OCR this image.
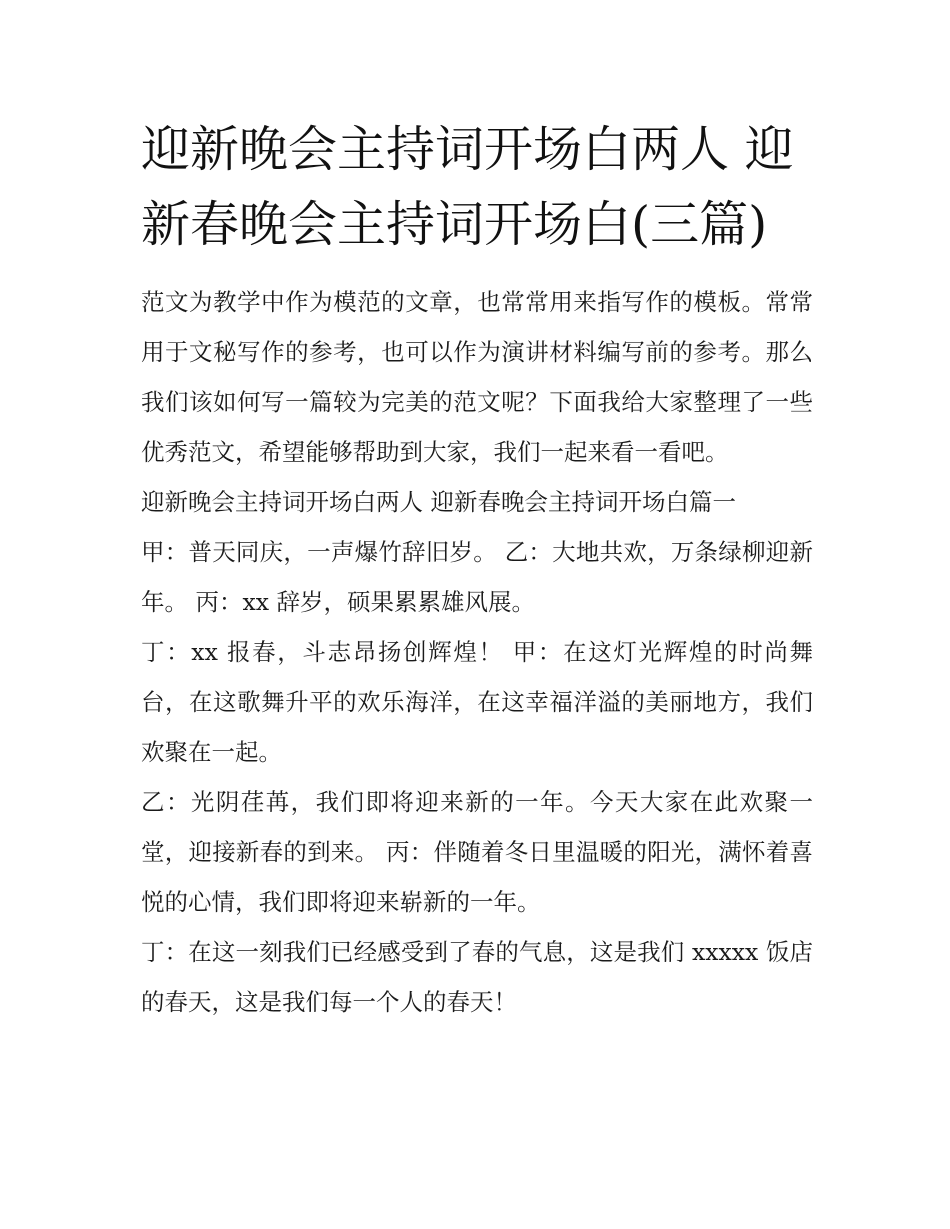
迎新晚会主持词开场白两人 迎新春晚会主持词开场白(三篇)

范文为教学中作为模范的文章，也常常用来指写作的模板。常常用于文秘写作的参考，也可以作为演讲材料编写前的参考。那么我们该如何写一篇较为完美的范文呢？下面我给大家整理了一些优秀范文，希望能够帮助到大家，我们一起来看一看吧。

迎新晚会主持词开场白两人 迎新春晚会主持词开场白篇一

甲：普天同庆，一声爆竹辞旧岁。 乙：大地共欢，万条绿柳迎新年。 丙：xx 辞岁，硕果累累雄风展。

丁：xx 报春，斗志昂扬创辉煌！ 甲：在这灯光辉煌的时尚舞台，在这歌舞升平的欢乐海洋，在这幸福洋溢的美丽地方，我们欢聚在一起。

乙：光阴荏苒，我们即将迎来新的一年。今天大家在此欢聚一堂，迎接新春的到来。 丙：伴随着冬日里温暖的阳光，满怀着喜悦的心情，我们即将迎来崭新的一年。

丁：在这一刻我们已经感受到了春的气息，这是我们 xxxxx 饭店的春天，这是我们每一个人的春天！
